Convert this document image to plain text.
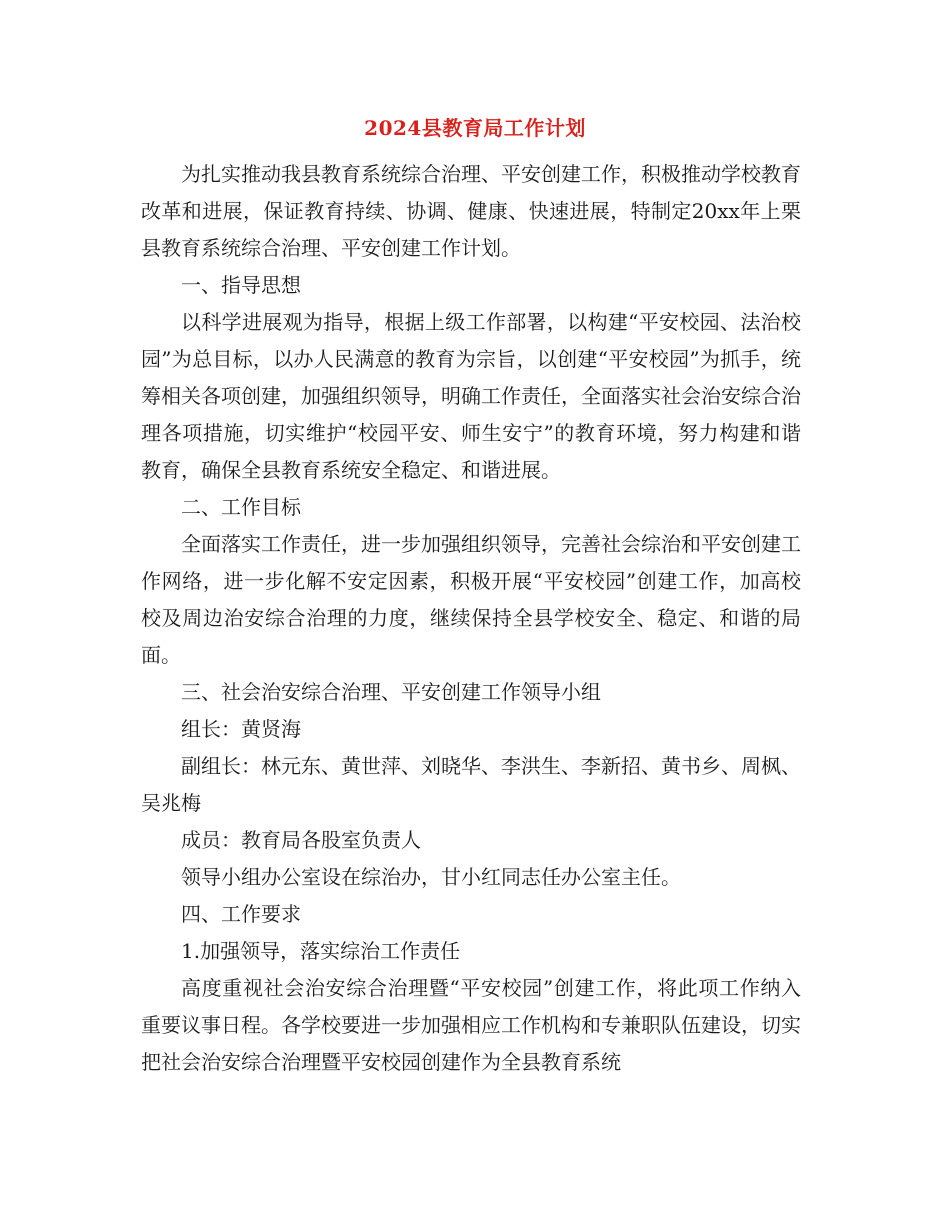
2024县教育局工作计划

为扎实推动我县教育系统综合治理、平安创建工作，积极推动学校教育改革和进展，保证教育持续、协调、健康、快速进展，特制定20xx年上栗县教育系统综合治理、平安创建工作计划。

一、指导思想

以科学进展观为指导，根据上级工作部署，以构建“平安校园、法治校园”为总目标，以办人民满意的教育为宗旨，以创建“平安校园”为抓手，统筹相关各项创建，加强组织领导，明确工作责任，全面落实社会治安综合治理各项措施，切实维护“校园平安、师生安宁”的教育环境，努力构建和谐教育，确保全县教育系统安全稳定、和谐进展。

二、工作目标

全面落实工作责任，进一步加强组织领导，完善社会综治和平安创建工作网络，进一步化解不安定因素，积极开展“平安校园”创建工作，加高校校及周边治安综合治理的力度，继续保持全县学校安全、稳定、和谐的局面。

三、社会治安综合治理、平安创建工作领导小组

组长：黄贤海

副组长：林元东、黄世萍、刘晓华、李洪生、李新招、黄书乡、周枫、吴兆梅

成员：教育局各股室负责人

领导小组办公室设在综治办，甘小红同志任办公室主任。

四、工作要求

1.加强领导，落实综治工作责任

高度重视社会治安综合治理暨“平安校园”创建工作，将此项工作纳入重要议事日程。各学校要进一步加强相应工作机构和专兼职队伍建设，切实把社会治安综合治理暨平安校园创建作为全县教育系统
